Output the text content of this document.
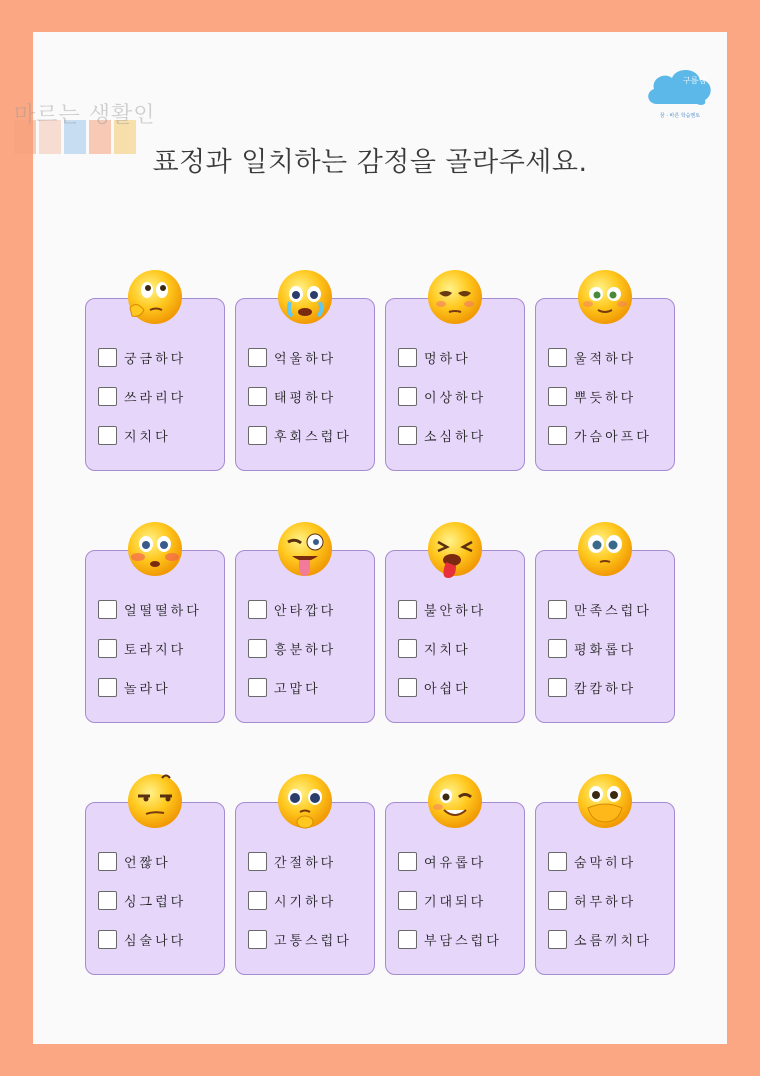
마르는 생활인
구름쌤
꿈 · 바른 학습멘토
표정과 일치하는 감정을 골라주세요.
궁금하다
쓰라리다
지치다
억울하다
태평하다
후회스럽다
멍하다
이상하다
소심하다
울적하다
뿌듯하다
가슴아프다
얼떨떨하다
토라지다
놀라다
안타깝다
흥분하다
고맙다
불안하다
지치다
아쉽다
만족스럽다
평화롭다
캄캄하다
언짢다
싱그럽다
심술나다
간절하다
시기하다
고통스럽다
여유롭다
기대되다
부담스럽다
숨막히다
허무하다
소름끼치다
